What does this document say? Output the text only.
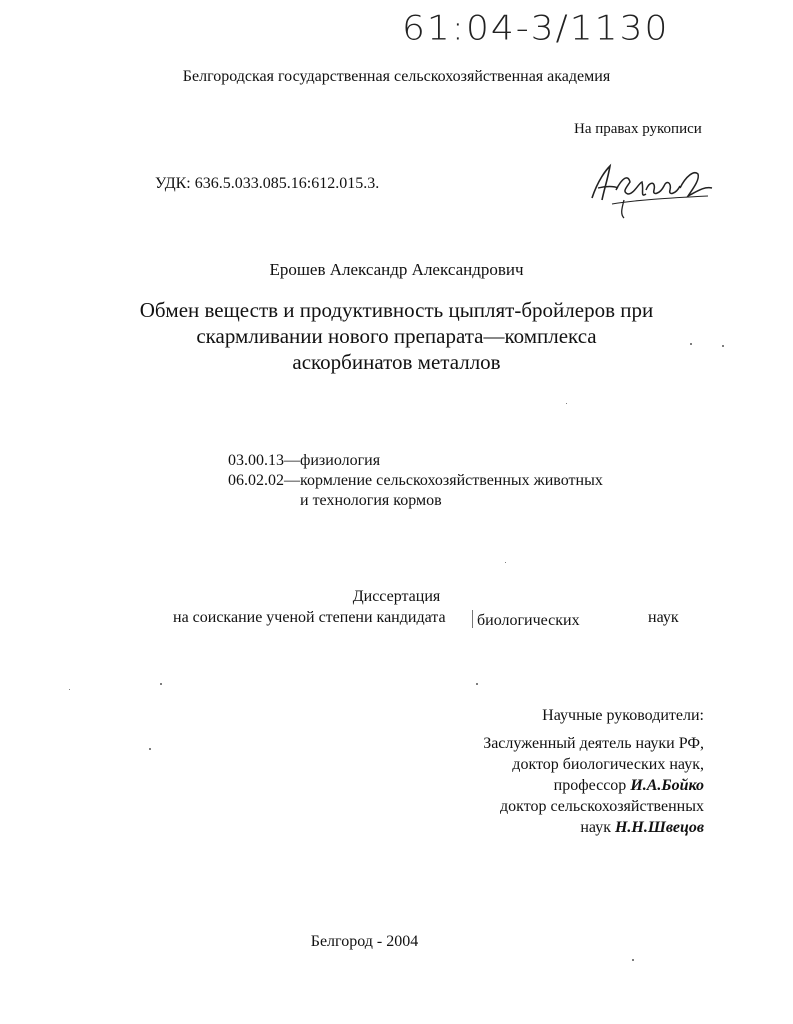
61:04-3/1130
Белгородская государственная сельскохозяйственная академия
На правах рукописи
УДК: 636.5.033.085.16:612.015.3.
Ерошев Александр Александрович
Обмен веществ и продуктивность цыплят-бройлеров при
скармливании нового препарата—комплекса
аскорбинатов металлов
03.00.13—физиология
06.02.02—кормление сельскохозяйственных животных
и технология кормов
Диссертация
на соискание ученой степени кандидата биологических	наук
Научные руководители:
Заслуженный деятель науки РФ,
доктор биологических наук,
профессор И.А.Бойко
доктор сельскохозяйственных
наук Н.Н.Швецов
Белгород - 2004
